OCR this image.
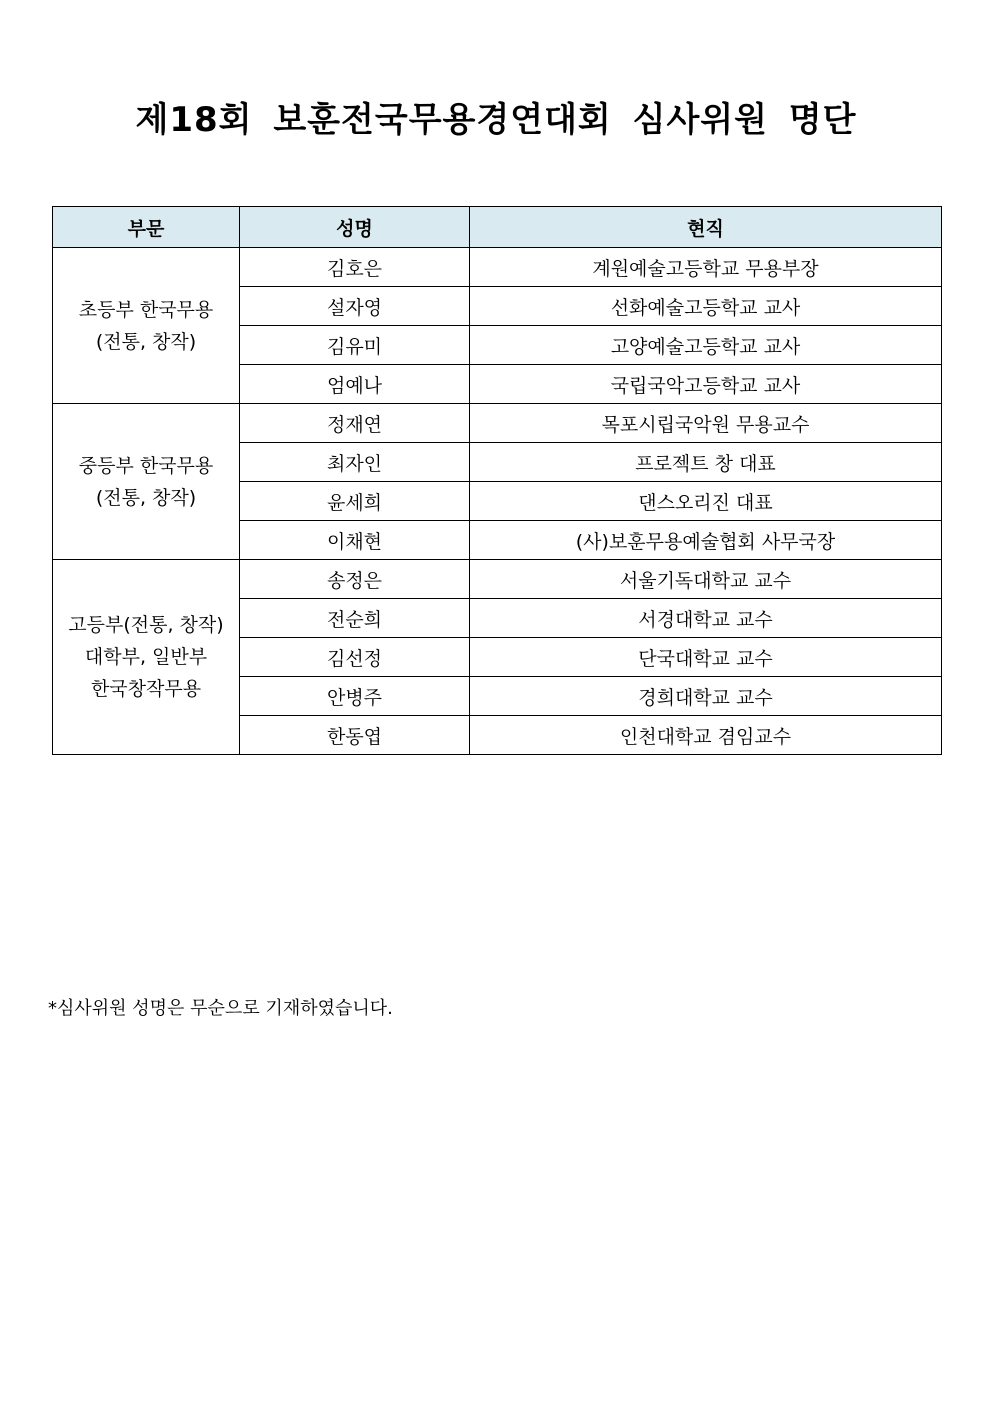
제18회 보훈전국무용경연대회 심사위원 명단
부문	성명	현직

초등부 한국무용
(전통, 창작)	김호은	계원예술고등학교 무용부장
	설자영	선화예술고등학교 교사
	김유미	고양예술고등학교 교사
	엄예나	국립국악고등학교 교사

중등부 한국무용
(전통, 창작)	정재연	목포시립국악원 무용교수
	최자인	프로젝트 창 대표
	윤세희	댄스오리진 대표
	이채현	(사)보훈무용예술협회 사무국장

고등부(전통, 창작)
대학부, 일반부
한국창작무용	송정은	서울기독대학교 교수
	전순희	서경대학교 교수
	김선정	단국대학교 교수
	안병주	경희대학교 교수
	한동엽	인천대학교 겸임교수
*심사위원 성명은 무순으로 기재하였습니다.
